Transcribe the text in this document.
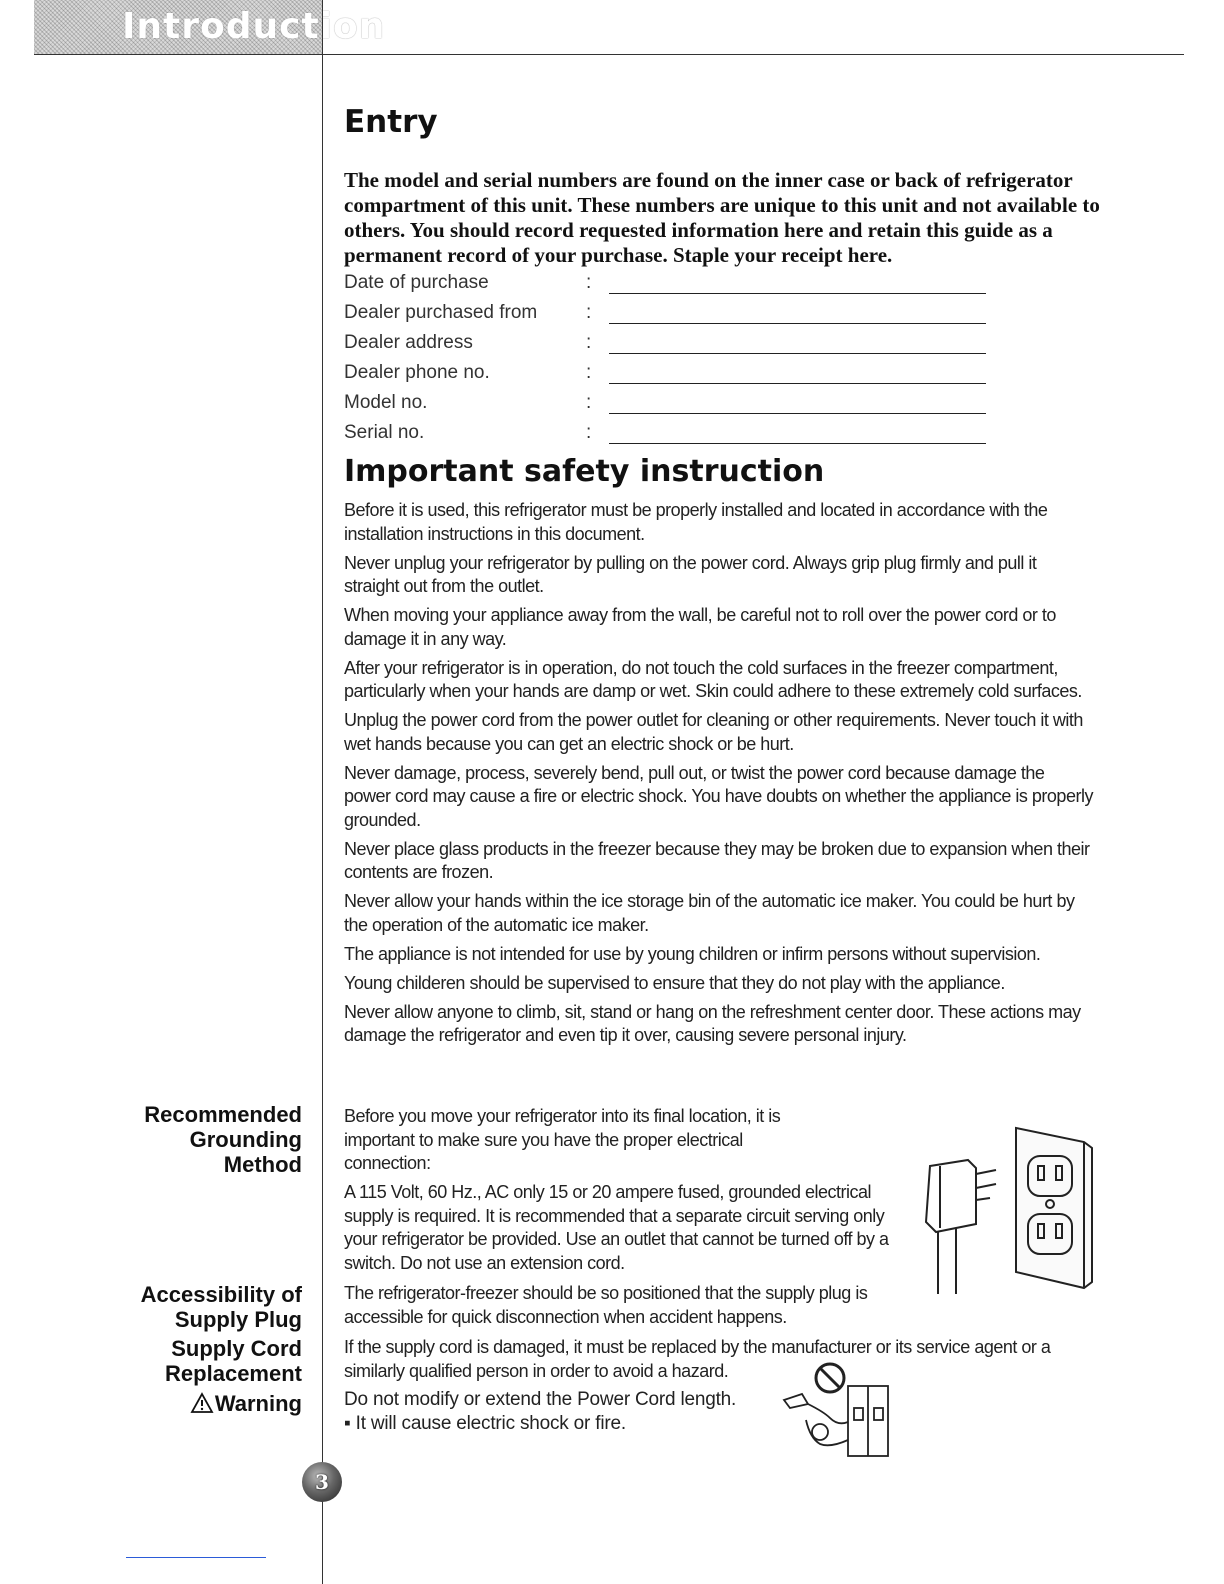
Introduction
Entry
The model and serial numbers are found on the inner case or back of refrigerator compartment of this unit. These numbers are unique to this unit and not available to others. You should record requested information here and retain this guide as a permanent record of your purchase. Staple your receipt here.
Date of purchase	:
Dealer purchased from	:
Dealer address	:
Dealer phone no.	:
Model no.	:
Serial no.	:
Important safety instruction

Before it is used, this refrigerator must be properly installed and located in accordance with the installation instructions in this document.

Never unplug your refrigerator by pulling on the power cord. Always grip plug firmly and pull it straight out from the outlet.

When moving your appliance away from the wall, be careful not to roll over the power cord or to damage it in any way.

After your refrigerator is in operation, do not touch the cold surfaces in the freezer compartment, particularly when your hands are damp or wet. Skin could adhere to these extremely cold surfaces.

Unplug the power cord from the power outlet for cleaning or other requirements. Never touch it with wet hands because you can get an electric shock or be hurt.

Never damage, process, severely bend, pull out, or twist the power cord because damage the power cord may cause a fire or electric shock. You have doubts on whether the appliance is properly grounded.

Never place glass products in the freezer because they may be broken due to expansion when their contents are frozen.

Never allow your hands within the ice storage bin of the automatic ice maker. You could be hurt by the operation of the automatic ice maker.

The appliance is not intended for use by young children or infirm persons without supervision.

Young childeren should be supervised to ensure that they do not play with the appliance.

Never allow anyone to climb, sit, stand or hang on the refreshment center door. These actions may damage the refrigerator and even tip it over, causing severe personal injury.

Recommended
Grounding
Method

Before you move your refrigerator into its final location, it is important to make sure you have the proper electrical connection:

A 115 Volt, 60 Hz., AC only 15 or 20 ampere fused, grounded electrical supply is required. It is recommended that a separate circuit serving only your refrigerator be provided. Use an outlet that cannot be turned off by a switch. Do not use an extension cord.

Accessibility of
Supply Plug

The refrigerator-freezer should be so positioned that the supply plug is accessible for quick disconnection when accident happens.

Supply Cord
Replacement

If the supply cord is damaged, it must be replaced by the manufacturer or its service agent or a similarly qualified person in order to avoid a hazard.

Warning Do not modify or extend the Power Cord length.
▪ It will cause electric shock or fire.
3
